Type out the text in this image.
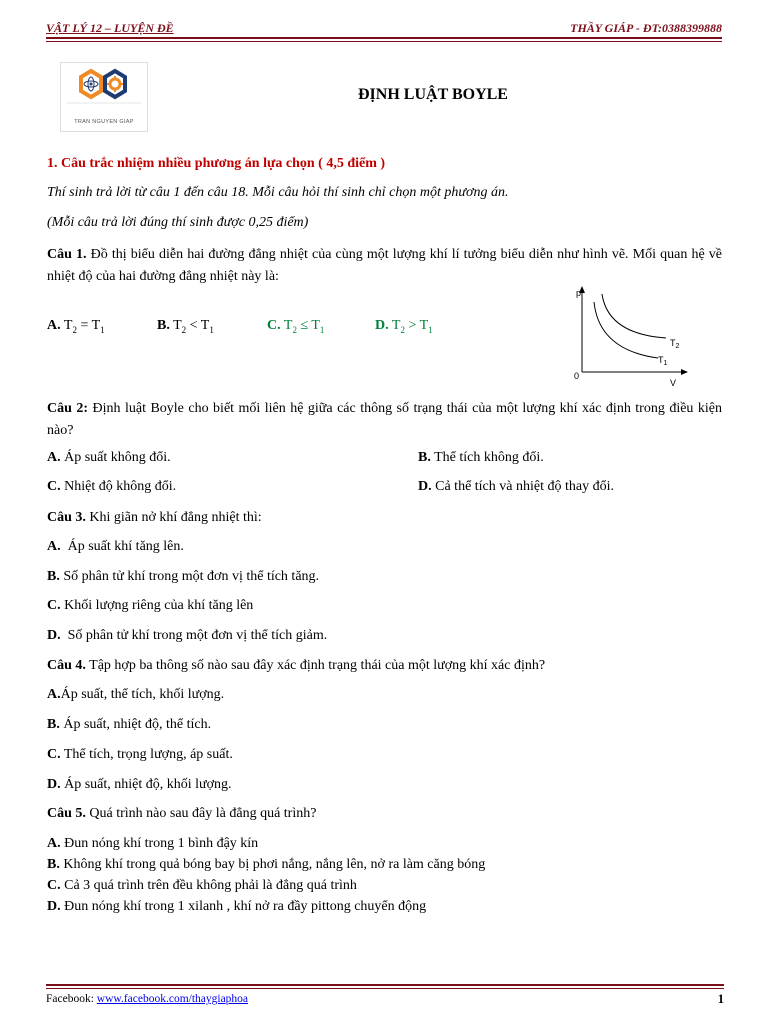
VẬT LÝ 12 – LUYỆN ĐỀ	THẦY GIÁP - ĐT:0388399888
TRAN NGUYEN GIAP
ĐỊNH LUẬT BOYLE
1. Câu trắc nhiệm nhiều phương án lựa chọn ( 4,5 điểm )
Thí sinh trả lời từ câu 1 đến câu 18. Mỗi câu hỏi thí sinh chỉ chọn một phương án.
(Mỗi câu trả lời đúng thí sinh được 0,25 điểm)
Câu 1. Đồ thị biểu diễn hai đường đẳng nhiệt của cùng một lượng khí lí tưởng biểu diễn như hình vẽ. Mối quan hệ về nhiệt độ của hai đường đẳng nhiệt này là:
A. $T_2 = T_1$	B. $T_2 < T_1$	C. $T_2 \le T_1$	D. $T_2 > T_1$
p
V
0
$T_2$
$T_1$
Câu 2: Định luật Boyle cho biết mối liên hệ giữa các thông số trạng thái của một lượng khí xác định trong điều kiện nào?
A. Áp suất không đổi.	B. Thể tích không đổi.
C. Nhiệt độ không đổi.	D. Cả thể tích và nhiệt độ thay đổi.
Câu 3. Khi giãn nở khí đẳng nhiệt thì:
A. Áp suất khí tăng lên.
B. Số phân tử khí trong một đơn vị thể tích tăng.
C. Khối lượng riêng của khí tăng lên
D. Số phân tử khí trong một đơn vị thể tích giảm.
Câu 4. Tập hợp ba thông số nào sau đây xác định trạng thái của một lượng khí xác định?
A.Áp suất, thể tích, khối lượng.
B. Áp suất, nhiệt độ, thể tích.
C. Thể tích, trọng lượng, áp suất.
D. Áp suất, nhiệt độ, khối lượng.
Câu 5. Quá trình nào sau đây là đẳng quá trình?
A. Đun nóng khí trong 1 bình đậy kín
B. Không khí trong quả bóng bay bị phơi nắng, nắng lên, nở ra làm căng bóng
C. Cả 3 quá trình trên đều không phải là đẳng quá trình
D. Đun nóng khí trong 1 xilanh , khí nở ra đầy pittong chuyển động
Facebook: www.facebook.com/thaygiaphoa	1
